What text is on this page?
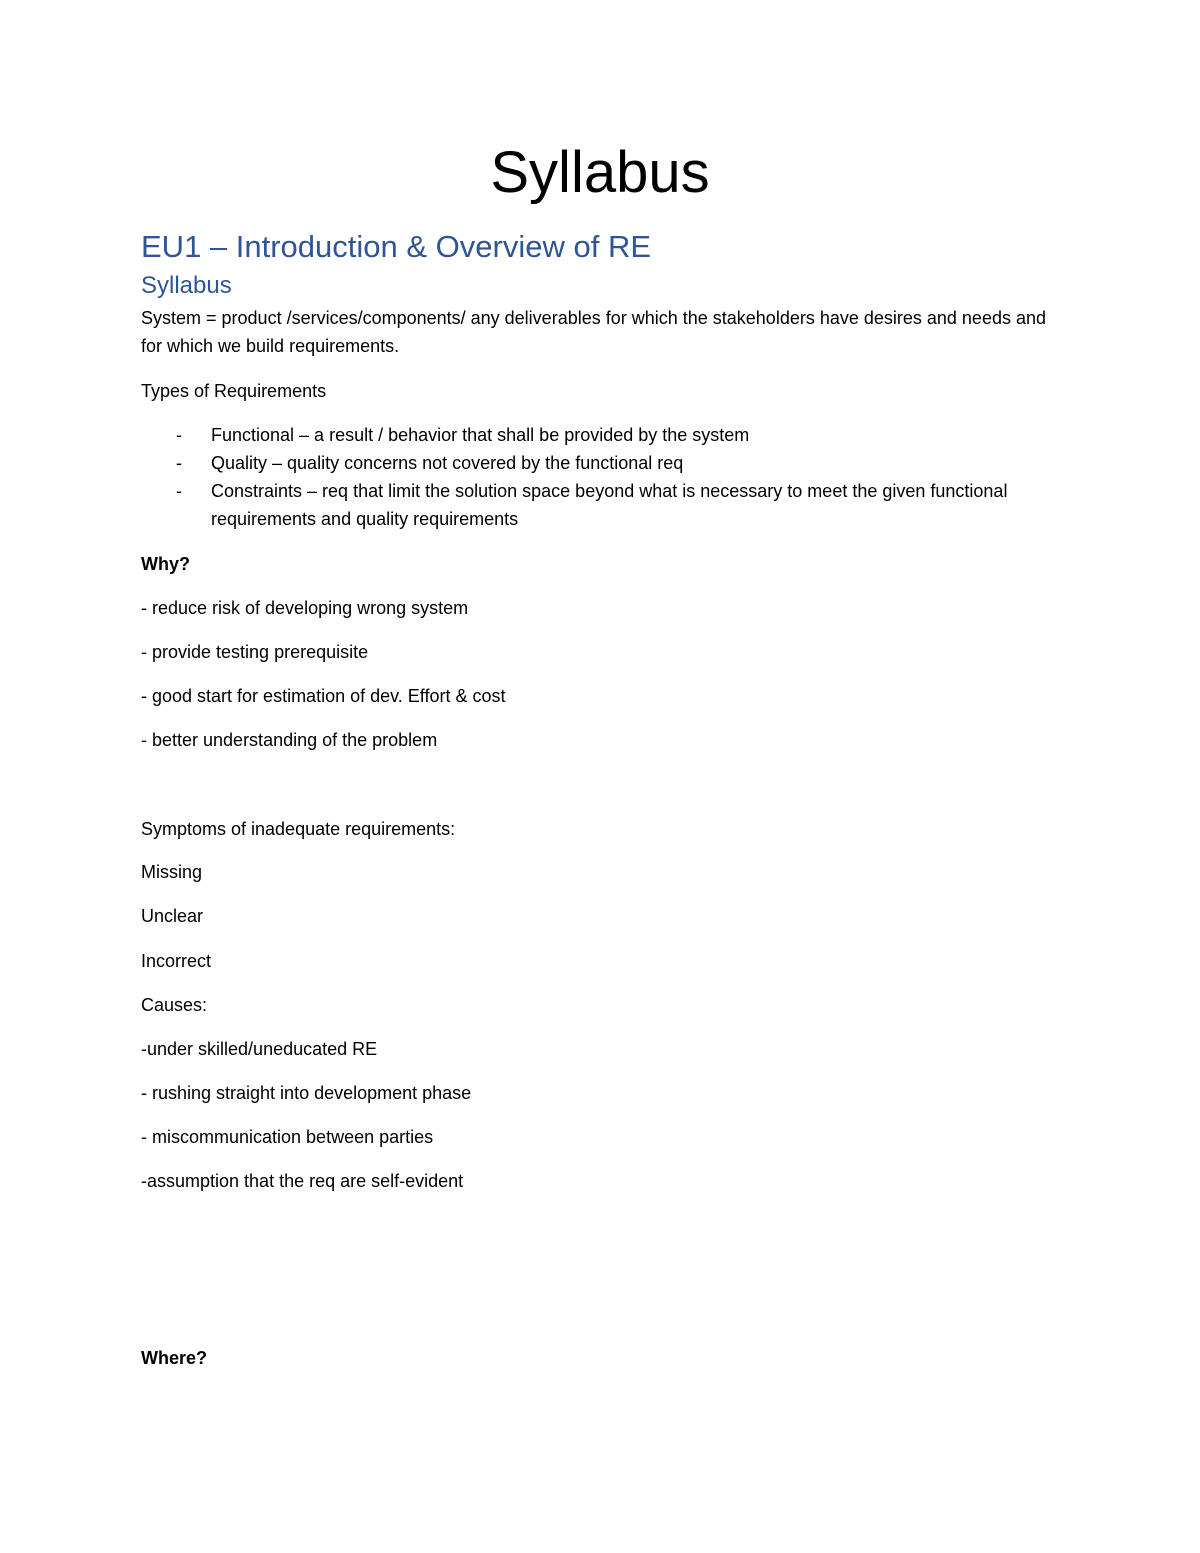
Syllabus
EU1 – Introduction & Overview of RE
Syllabus
System = product /services/components/ any deliverables for which the stakeholders have desires and needs and for which we build requirements.
Types of Requirements
- Functional – a result / behavior that shall be provided by the system
- Quality – quality concerns not covered by the functional req
- Constraints – req that limit the solution space beyond what is necessary to meet the given functional requirements and quality requirements
Why?
- reduce risk of developing wrong system
- provide testing prerequisite
- good start for estimation of dev. Effort & cost
- better understanding of the problem
Symptoms of inadequate requirements:
Missing
Unclear
Incorrect
Causes:
-under skilled/uneducated RE
- rushing straight into development phase
- miscommunication between parties
-assumption that the req are self-evident
Where?
